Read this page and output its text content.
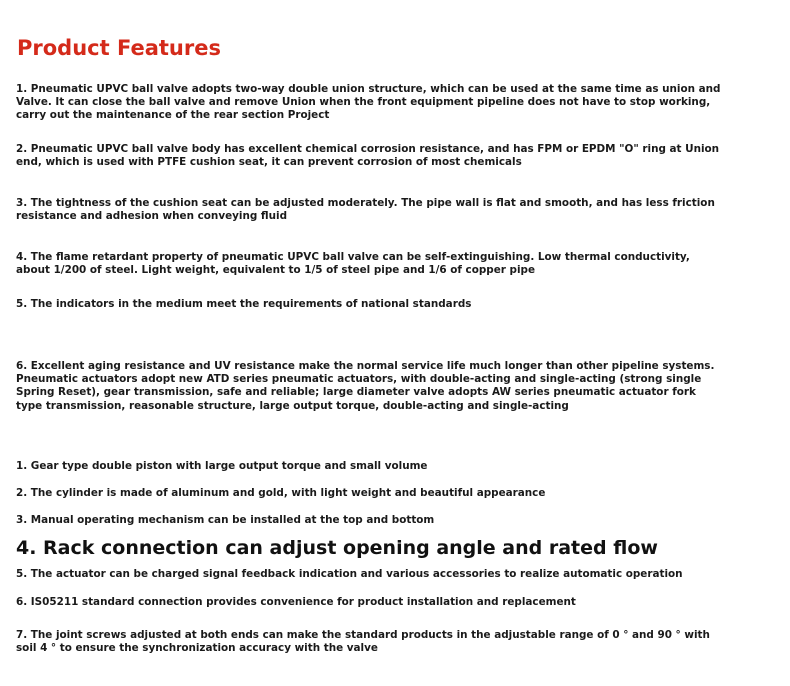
Product Features

1. Pneumatic UPVC ball valve adopts two-way double union structure, which can be used at the same time as union and
Valve. It can close the ball valve and remove Union when the front equipment pipeline does not have to stop working,
carry out the maintenance of the rear section Project

2. Pneumatic UPVC ball valve body has excellent chemical corrosion resistance, and has FPM or EPDM "O" ring at Union
end, which is used with PTFE cushion seat, it can prevent corrosion of most chemicals

3. The tightness of the cushion seat can be adjusted moderately. The pipe wall is flat and smooth, and has less friction
resistance and adhesion when conveying fluid

4. The flame retardant property of pneumatic UPVC ball valve can be self-extinguishing. Low thermal conductivity,
about 1/200 of steel. Light weight, equivalent to 1/5 of steel pipe and 1/6 of copper pipe

5. The indicators in the medium meet the requirements of national standards

6. Excellent aging resistance and UV resistance make the normal service life much longer than other pipeline systems.
Pneumatic actuators adopt new ATD series pneumatic actuators, with double-acting and single-acting (strong single
Spring Reset), gear transmission, safe and reliable; large diameter valve adopts AW series pneumatic actuator fork
type transmission, reasonable structure, large output torque, double-acting and single-acting

1. Gear type double piston with large output torque and small volume

2. The cylinder is made of aluminum and gold, with light weight and beautiful appearance

3. Manual operating mechanism can be installed at the top and bottom

4. Rack connection can adjust opening angle and rated flow

5. The actuator can be charged signal feedback indication and various accessories to realize automatic operation

6. IS05211 standard connection provides convenience for product installation and replacement

7. The joint screws adjusted at both ends can make the standard products in the adjustable range of 0 ° and 90 ° with
soil 4 ° to ensure the synchronization accuracy with the valve
